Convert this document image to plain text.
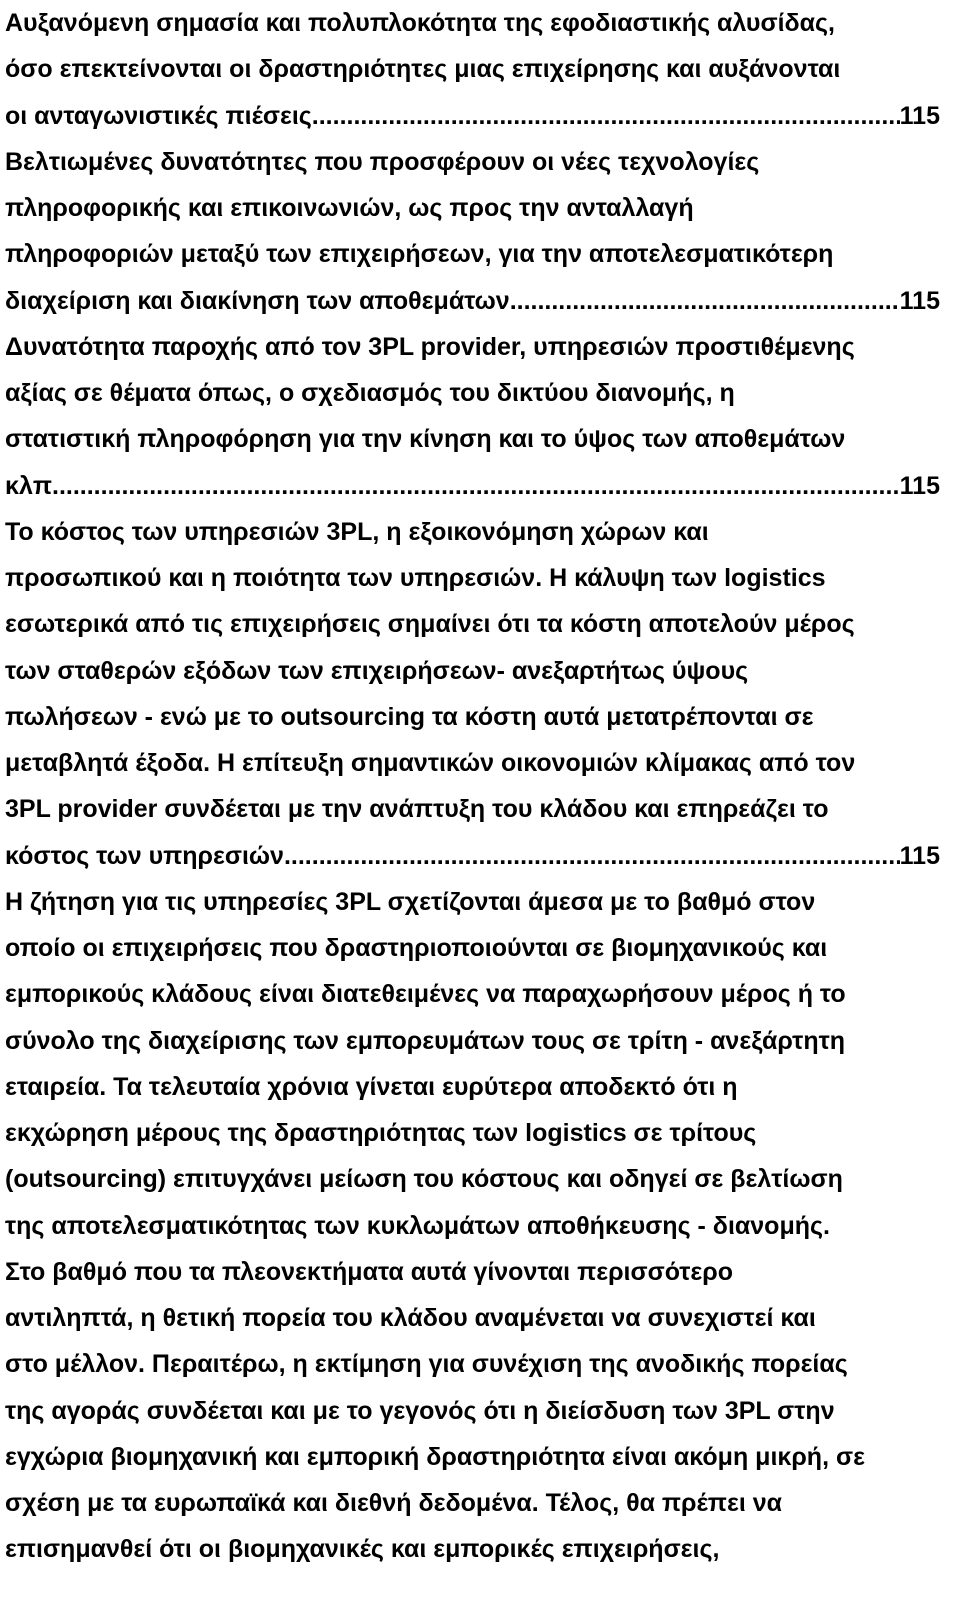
Αυξανόμενη σημασία και πολυπλοκότητα της εφοδιαστικής αλυσίδας,
όσο επεκτείνονται οι δραστηριότητες μιας επιχείρησης και αυξάνονται
οι ανταγωνιστικές πιέσεις. .....	115
Βελτιωμένες δυνατότητες που προσφέρουν οι νέες τεχνολογίες
πληροφορικής και επικοινωνιών, ως προς την ανταλλαγή
πληροφοριών μεταξύ των επιχειρήσεων, για την αποτελεσματικότερη
διαχείριση και διακίνηση των αποθεμάτων .....	115
Δυνατότητα παροχής από τον 3PL provider, υπηρεσιών προστιθέμενης
αξίας σε θέματα όπως, ο σχεδιασμός του δικτύου διανομής, η
στατιστική πληροφόρηση για την κίνηση και το ύψος των αποθεμάτων
κλπ .....	115
Το κόστος των υπηρεσιών 3PL, η εξοικονόμηση χώρων και
προσωπικού και η ποιότητα των υπηρεσιών. Η κάλυψη των logistics
εσωτερικά από τις επιχειρήσεις σημαίνει ότι τα κόστη αποτελούν μέρος
των σταθερών εξόδων των επιχειρήσεων- ανεξαρτήτως ύψους
πωλήσεων - ενώ με το outsourcing τα κόστη αυτά μετατρέπονται σε
μεταβλητά έξοδα. Η επίτευξη σημαντικών οικονομιών κλίμακας από τον
3PL provider συνδέεται με την ανάπτυξη του κλάδου και επηρεάζει το
κόστος των υπηρεσιών. .....	115
Η ζήτηση για τις υπηρεσίες 3PL σχετίζονται άμεσα με το βαθμό στον
οποίο οι επιχειρήσεις που δραστηριοποιούνται σε βιομηχανικούς και
εμπορικούς κλάδους είναι διατεθειμένες να παραχωρήσουν μέρος ή το
σύνολο της διαχείρισης των εμπορευμάτων τους σε τρίτη - ανεξάρτητη
εταιρεία. Τα τελευταία χρόνια γίνεται ευρύτερα αποδεκτό ότι η
εκχώρηση μέρους της δραστηριότητας των logistics σε τρίτους
(outsourcing) επιτυγχάνει μείωση του κόστους και οδηγεί σε βελτίωση
της αποτελεσματικότητας των κυκλωμάτων αποθήκευσης - διανομής.
Στο βαθμό που τα πλεονεκτήματα αυτά γίνονται περισσότερο
αντιληπτά, η θετική πορεία του κλάδου αναμένεται να συνεχιστεί και
στο μέλλον. Περαιτέρω, η εκτίμηση για συνέχιση της ανοδικής πορείας
της αγοράς συνδέεται και με το γεγονός ότι η διείσδυση των 3PL στην
εγχώρια βιομηχανική και εμπορική δραστηριότητα είναι ακόμη μικρή, σε
σχέση με τα ευρωπαϊκά και διεθνή δεδομένα. Τέλος, θα πρέπει να
επισημανθεί ότι οι βιομηχανικές και εμπορικές επιχειρήσεις,
